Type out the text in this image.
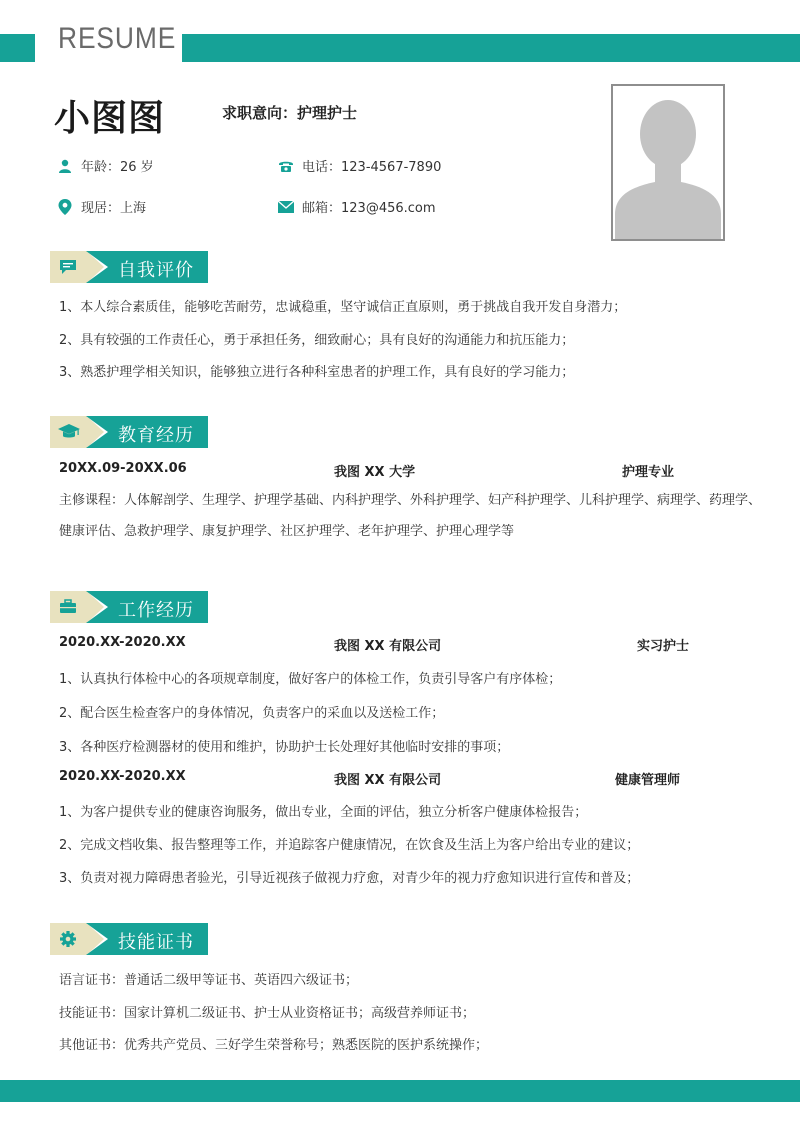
RESUME
小图图	求职意向：护理护士
年龄：26 岁	电话：123-4567-7890
现居：上海	邮箱：123@456.com
自我评价
1、本人综合素质佳，能够吃苦耐劳，忠诚稳重，坚守诚信正直原则，勇于挑战自我开发自身潜力；
2、具有较强的工作责任心，勇于承担任务，细致耐心；具有良好的沟通能力和抗压能力；
3、熟悉护理学相关知识，能够独立进行各种科室患者的护理工作，具有良好的学习能力；
教育经历
20XX.09-20XX.06	我图 XX 大学	护理专业
主修课程：人体解剖学、生理学、护理学基础、内科护理学、外科护理学、妇产科护理学、儿科护理学、病理学、药理学、健康评估、急救护理学、康复护理学、社区护理学、老年护理学、护理心理学等
工作经历
2020.XX-2020.XX	我图 XX 有限公司	实习护士
1、认真执行体检中心的各项规章制度，做好客户的体检工作，负责引导客户有序体检；
2、配合医生检查客户的身体情况，负责客户的采血以及送检工作；
3、各种医疗检测器材的使用和维护，协助护士长处理好其他临时安排的事项；
2020.XX-2020.XX	我图 XX 有限公司	健康管理师
1、为客户提供专业的健康咨询服务，做出专业，全面的评估，独立分析客户健康体检报告；
2、完成文档收集、报告整理等工作，并追踪客户健康情况，在饮食及生活上为客户给出专业的建议；
3、负责对视力障碍患者验光，引导近视孩子做视力疗愈，对青少年的视力疗愈知识进行宣传和普及；
技能证书
语言证书：普通话二级甲等证书、英语四六级证书；
技能证书：国家计算机二级证书、护士从业资格证书；高级营养师证书；
其他证书：优秀共产党员、三好学生荣誉称号；熟悉医院的医护系统操作；
